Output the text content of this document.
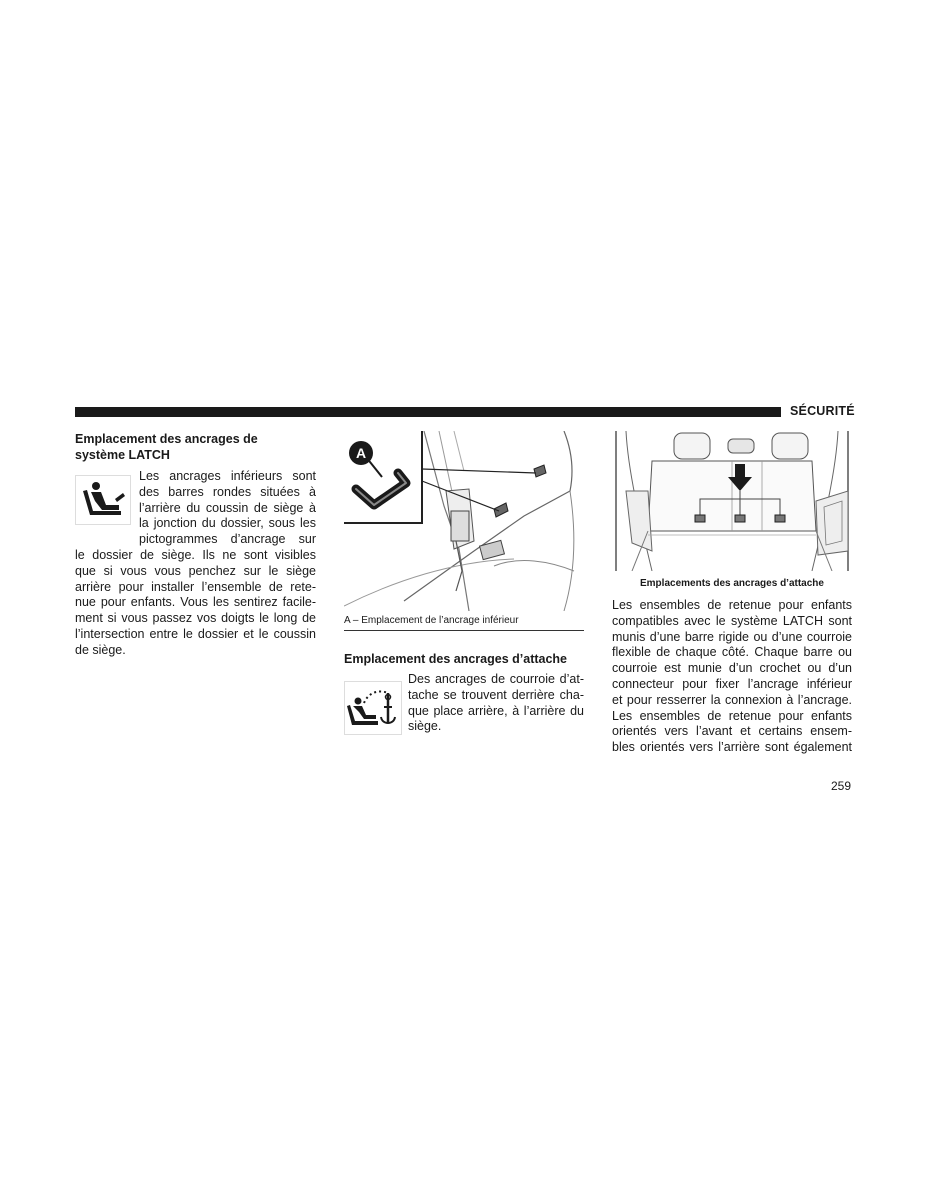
SÉCURITÉ
Emplacement des ancrages de
système LATCH
Les ancrages inférieurs sont
des barres rondes situées à
l’arrière du coussin de siège à
la jonction du dossier, sous les
pictogrammes d’ancrage sur
le dossier de siège. Ils ne sont visibles
que si vous vous penchez sur le siège
arrière pour installer l’ensemble de rete-
nue pour enfants. Vous les sentirez facile-
ment si vous passez vos doigts le long de
l’intersection entre le dossier et le coussin
de siège.
A
A – Emplacement de l’ancrage inférieur
Emplacement des ancrages d’attache
Des ancrages de courroie d’at-
tache se trouvent derrière cha-
que place arrière, à l’arrière du
siège.
Emplacements des ancrages d’attache
Les ensembles de retenue pour enfants
compatibles avec le système LATCH sont
munis d’une barre rigide ou d’une courroie
flexible de chaque côté. Chaque barre ou
courroie est munie d’un crochet ou d’un
connecteur pour fixer l’ancrage inférieur
et pour resserrer la connexion à l’ancrage.
Les ensembles de retenue pour enfants
orientés vers l’avant et certains ensem-
bles orientés vers l’arrière sont également
259
